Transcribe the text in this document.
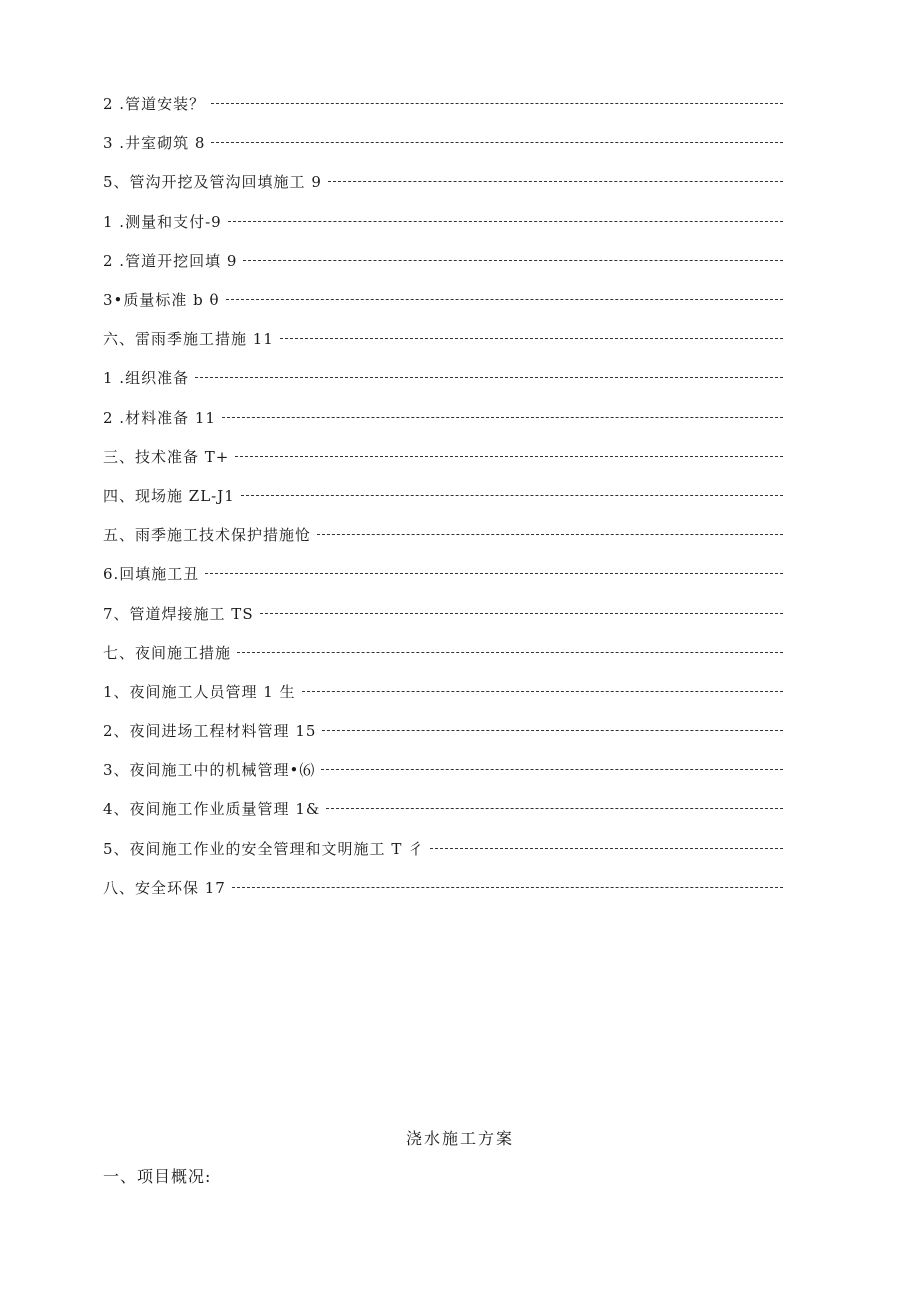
2 .管道安装？
3 .井室砌筑 8
5、管沟开挖及管沟回填施工 9
1 .测量和支付-9
2 .管道开挖回填 9
3•质量标准 b θ
六、雷雨季施工措施 11
1 .组织准备
2 .材料准备 11
三、技术准备 T+
四、现场施 ZL-J1
五、雨季施工技术保护措施怆
6.回填施工丑
7、管道焊接施工 TS
七、夜间施工措施
1、夜间施工人员管理 1 生
2、夜间进场工程材料管理 15
3、夜间施工中的机械管理•⑹
4、夜间施工作业质量管理 1&
5、夜间施工作业的安全管理和文明施工 T 彳
八、安全环保 17
浇水施工方案
一、项目概况:
